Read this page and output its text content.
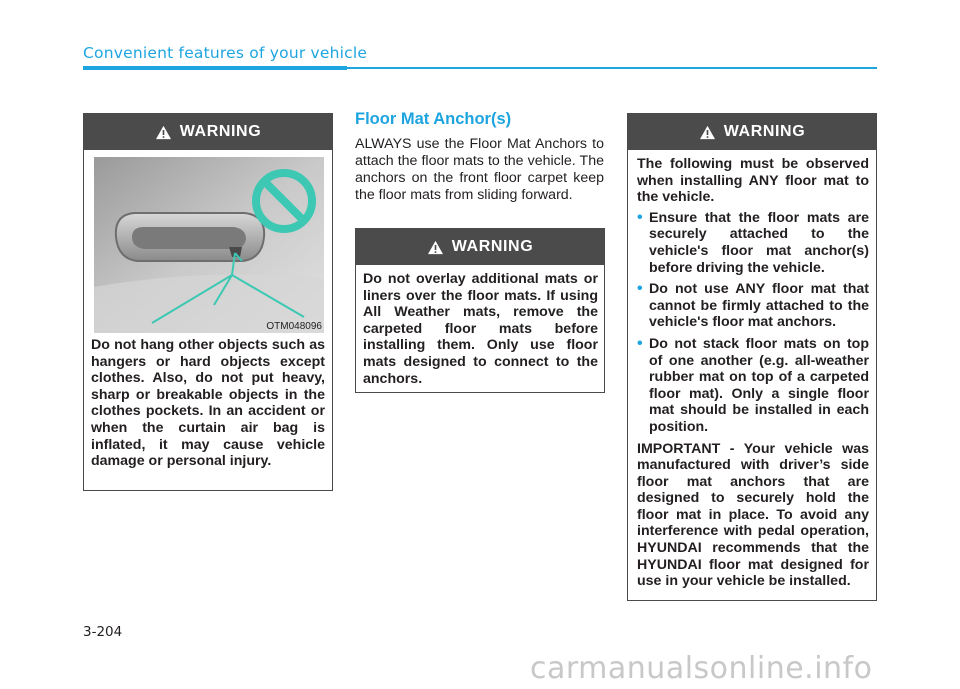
Convenient features of your vehicle
WARNING
OTM048096
Do not hang other objects such as hangers or hard objects except clothes. Also, do not put heavy, sharp or breakable objects in the clothes pockets. In an accident or when the curtain air bag is inflated, it may cause vehicle damage or personal injury.
Floor Mat Anchor(s)
ALWAYS use the Floor Mat Anchors to attach the floor mats to the vehicle. The anchors on the front floor carpet keep the floor mats from sliding forward.
WARNING
Do not overlay additional mats or liners over the floor mats. If using All Weather mats, remove the carpeted floor mats before installing them. Only use floor mats designed to connect to the anchors.
WARNING

The following must be observed when installing ANY floor mat to the vehicle.

• Ensure that the floor mats are securely attached to the vehicle's floor mat anchor(s) before driving the vehicle.
• Do not use ANY floor mat that cannot be firmly attached to the vehicle's floor mat anchors.
• Do not stack floor mats on top of one another (e.g. all-weather rubber mat on top of a carpeted floor mat). Only a single floor mat should be installed in each position.

IMPORTANT - Your vehicle was manufactured with driver’s side floor mat anchors that are designed to securely hold the floor mat in place. To avoid any interference with pedal operation, HYUNDAI recommends that the HYUNDAI floor mat designed for use in your vehicle be installed.

3-204
carmanualsonline.info
